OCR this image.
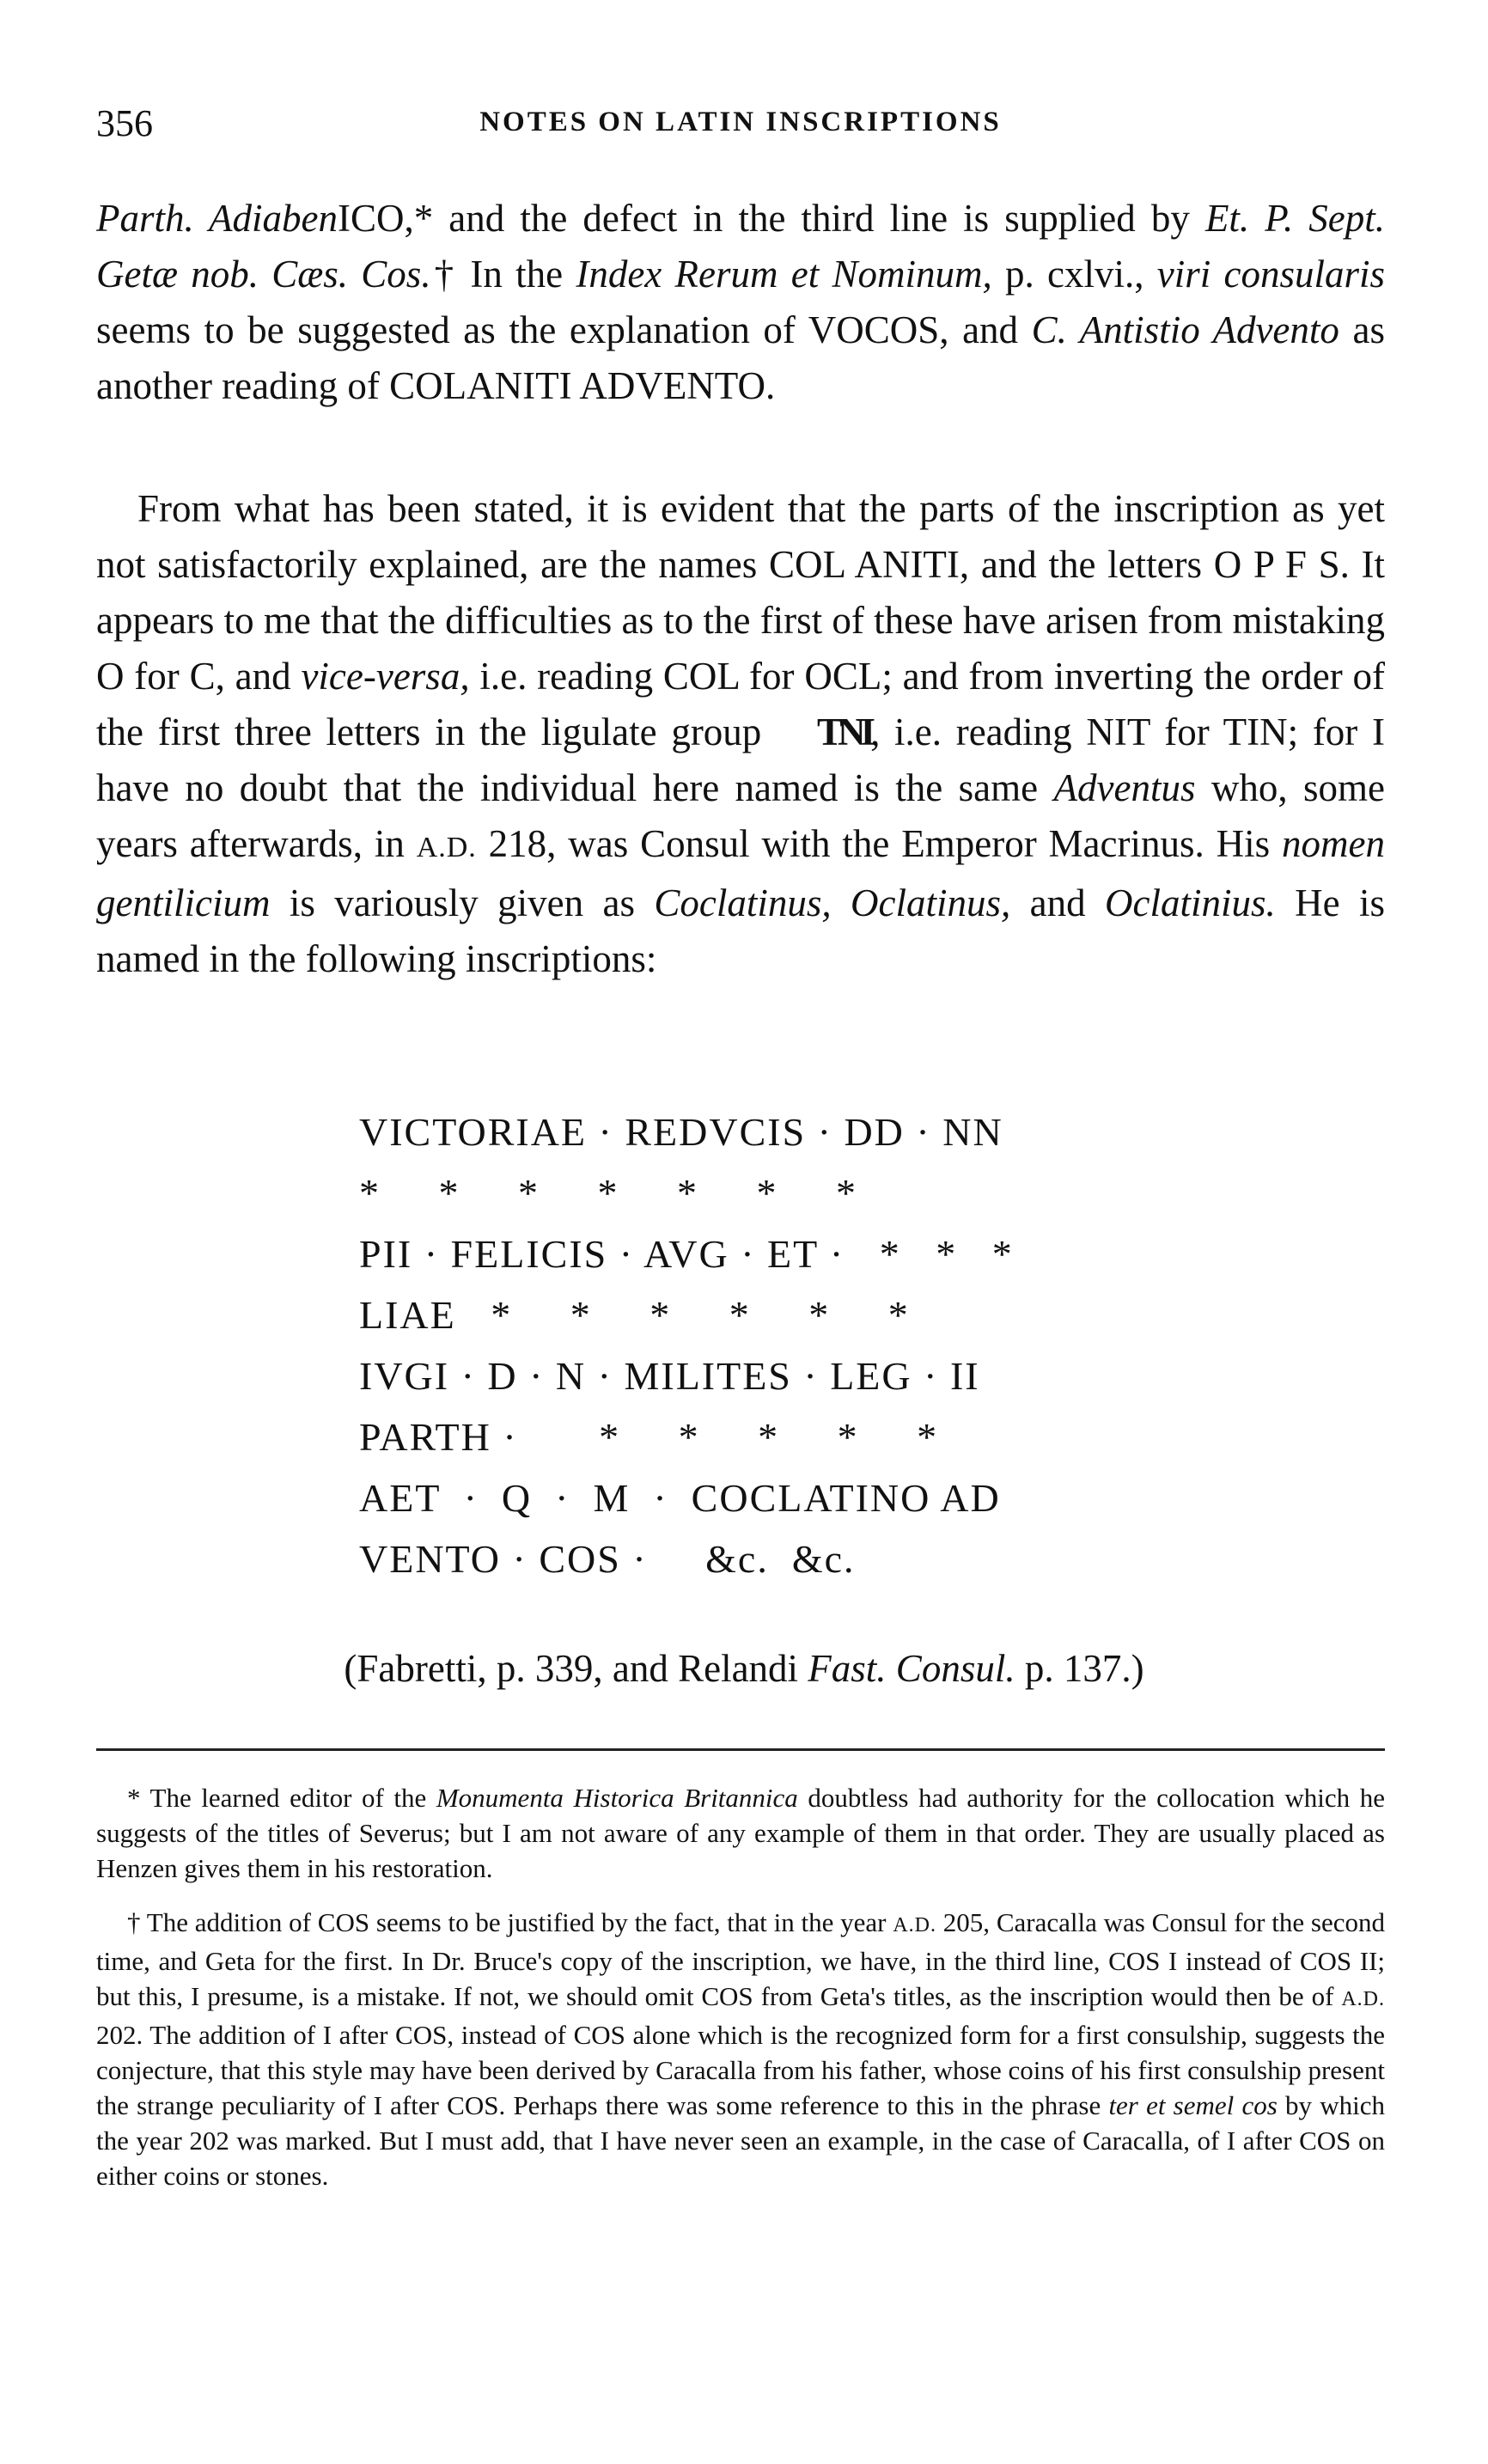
356	NOTES ON LATIN INSCRIPTIONS

Parth. AdiabenICO,* and the defect in the third line is supplied by Et. P. Sept. Getæ nob. Cæs. Cos.† In the Index Rerum et Nominum, p. cxlvi., viri consularis seems to be suggested as the explanation of VOCOS, and C. Antistio Advento as another reading of COLANITI ADVENTO.

From what has been stated, it is evident that the parts of the inscription as yet not satisfactorily explained, are the names COL ANITI, and the letters O P F S. It appears to me that the difficulties as to the first of these have arisen from mistaking O for C, and vice-versa, i.e. reading COL for OCL; and from inverting the order of the first three letters in the ligulate group TNI, i.e. reading NIT for TIN; for I have no doubt that the individual here named is the same Adventus who, some years afterwards, in A.D. 218, was Consul with the Emperor Macrinus. His nomen gentilicium is variously given as Coclatinus, Oclatinus, and Oclatinius. He is named in the following inscriptions:

VICTORIAE · REDVCIS · DD · NN
*     *     *     *     *     *     *
PII · FELICIS · AVG · ET ·   *   *   *
LIAE   *     *     *     *     *     *
IVGI · D · N · MILITES · LEG · II
PARTH ·       *     *     *     *     *
AET  ·  Q  ·  M  ·  COCLATINO AD
VENTO · COS ·     &c.  &c.
(Fabretti, p. 339, and Relandi Fast. Consul. p. 137.)

* The learned editor of the Monumenta Historica Britannica doubtless had authority for the collocation which he suggests of the titles of Severus; but I am not aware of any example of them in that order. They are usually placed as Henzen gives them in his restoration.

† The addition of COS seems to be justified by the fact, that in the year A.D. 205, Caracalla was Consul for the second time, and Geta for the first. In Dr. Bruce's copy of the inscription, we have, in the third line, COS I instead of COS II; but this, I presume, is a mistake. If not, we should omit COS from Geta's titles, as the inscription would then be of A.D. 202. The addition of I after COS, instead of COS alone which is the recognized form for a first consulship, suggests the conjecture, that this style may have been derived by Caracalla from his father, whose coins of his first consulship present the strange peculiarity of I after COS. Perhaps there was some reference to this in the phrase ter et semel cos by which the year 202 was marked. But I must add, that I have never seen an example, in the case of Caracalla, of I after COS on either coins or stones.
